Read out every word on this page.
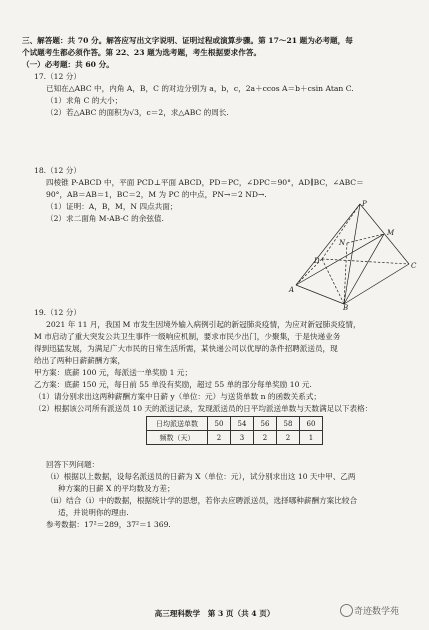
三、解答题：共 70 分。解答应写出文字说明、证明过程或演算步骤。第 17～21 题为必考题，每
个试题考生都必须作答。第 22、23 题为选考题，考生根据要求作答。
（一）必考题：共 60 分。
17.（12 分）
已知在△ABC 中，内角 A，B，C 的对边分别为 a，b，c，2a＋ccos A＝b＋csin Atan C.
（1）求角 C 的大小；
（2）若△ABC 的面积为√3，c＝2，求△ABC 的周长.
18.（12 分）
四棱锥 P-ABCD 中，平面 PCD⊥平面 ABCD，PD＝PC，∠DPC＝90°，AD∥BC，∠ABC＝
90°，AB＝AB＝1，BC＝2，M 为 PC 的中点，PN→＝2 ND→.
（1）证明：A，B，M，N 四点共面；
（2）求二面角 M-AB-C 的余弦值.
P
M
N
D
A
B
C
19.（12 分）
2021 年 11 月，我国 M 市发生因境外输入病例引起的新冠肺炎疫情，为应对新冠肺炎疫情，
M 市启动了重大突发公共卫生事件一级响应机制，要求市民少出门，少聚集，于是快递业务
得到迅猛发展，为满足广大市民的日常生活所需，某快递公司以优厚的条件招聘派送员，现
给出了两种日薪薪酬方案，
甲方案：底薪 100 元，每派送一单奖励 1 元；
乙方案：底薪 150 元，每日前 55 单没有奖励，超过 55 单的部分每单奖励 10 元.
（1）请分别求出这两种薪酬方案中日薪 y（单位：元）与送货单数 n 的函数关系式；
（2）根据该公司所有派送员 10 天的派送记录，发现派送员的日平均派送单数与天数满足以下表格：
日均派送单数	50	54	56	58	60
频数（天）	2	3	2	2	1
回答下列问题：
（i）根据以上数据，设每名派送员的日薪为 X（单位：元），试分别求出这 10 天中甲、乙两
种方案的日薪 X 的平均数及方差；
（ii）结合（i）中的数据，根据统计学的思想，若你去应聘派送员，选择哪种薪酬方案比较合
适，并说明你的理由.
参考数据：17²＝289，37²＝1 369.
高三理科数学　第 3 页（共 4 页）	奇迹数学苑
